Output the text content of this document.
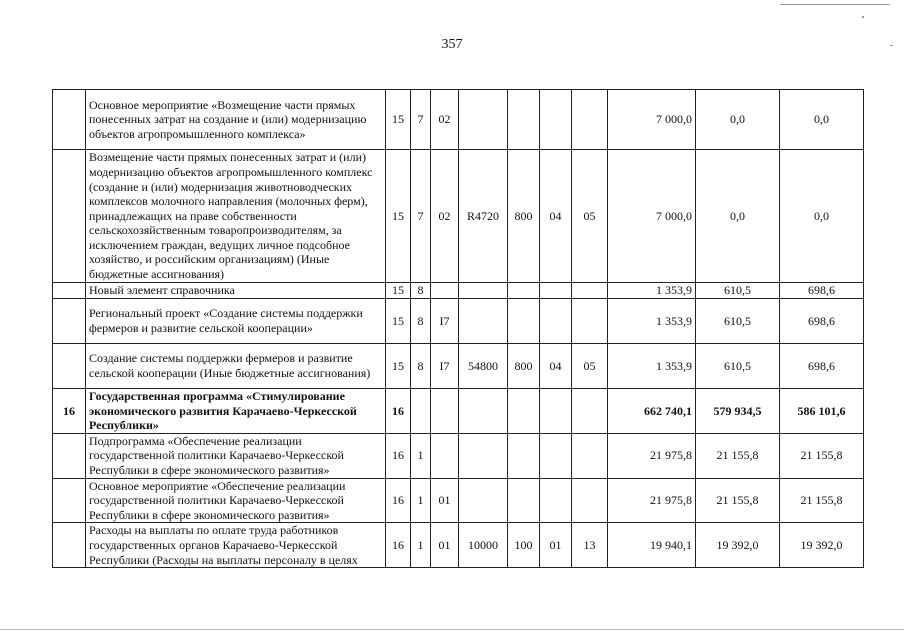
357
	Основное мероприятие «Возмещение части прямых понесенных затрат на создание и (или) модернизацию объектов агропромышленного комплекса»	15	7	02					7 000,0	0,0	0,0
	Возмещение части прямых понесенных затрат и (или) модернизацию объектов агропромышленного комплекс (создание и (или) модернизация животноводческих комплексов молочного направления (молочных ферм), принадлежащих на праве собственности сельскохозяйственным товаропроизводителям, за исключением граждан, ведущих личное подсобное хозяйство, и российским организациям) (Иные бюджетные ассигнования)	15	7	02	R4720	800	04	05	7 000,0	0,0	0,0
	Новый элемент справочника	15	8						1 353,9	610,5	698,6
	Региональный проект «Создание системы поддержки фермеров и развитие сельской кооперации»	15	8	I7					1 353,9	610,5	698,6
	Создание системы поддержки фермеров и развитие сельской кооперации (Иные бюджетные ассигнования)	15	8	I7	54800	800	04	05	1 353,9	610,5	698,6
16	Государственная программа «Стимулирование экономического развития Карачаево-Черкесской Республики»	16							662 740,1	579 934,5	586 101,6
	Подпрограмма «Обеспечение реализации государственной политики Карачаево-Черкесской Республики в сфере экономического развития»	16	1						21 975,8	21 155,8	21 155,8
	Основное мероприятие «Обеспечение реализации государственной политики Карачаево-Черкесской Республики в сфере экономического развития»	16	1	01					21 975,8	21 155,8	21 155,8
	Расходы на выплаты по оплате труда работников государственных органов Карачаево-Черкесской Республики (Расходы на выплаты персоналу в целях	16	1	01	10000	100	01	13	19 940,1	19 392,0	19 392,0
